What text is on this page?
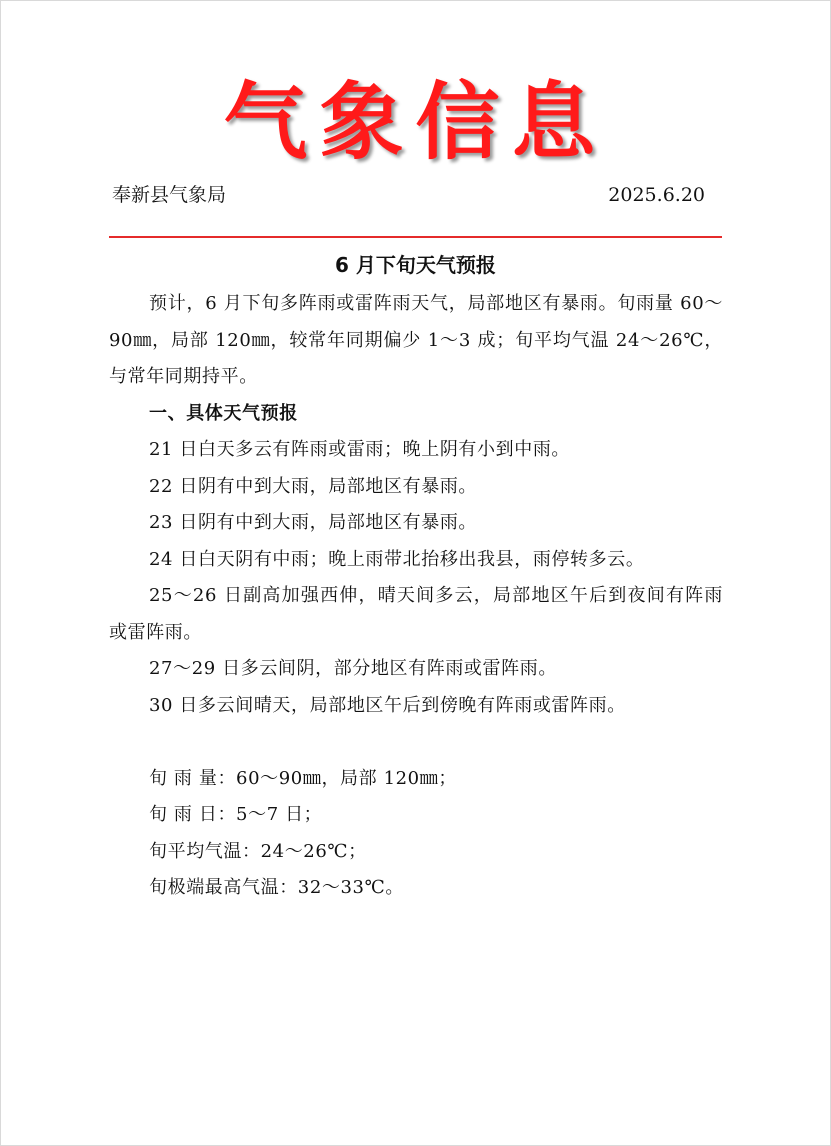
气象信息
奉新县气象局	2025.6.20
6 月下旬天气预报

预计，6 月下旬多阵雨或雷阵雨天气，局部地区有暴雨。旬雨量 60～90㎜，局部 120㎜，较常年同期偏少 1～3 成；旬平均气温 24～26℃，与常年同期持平。

一、具体天气预报

21 日白天多云有阵雨或雷雨；晚上阴有小到中雨。

22 日阴有中到大雨，局部地区有暴雨。

23 日阴有中到大雨，局部地区有暴雨。

24 日白天阴有中雨；晚上雨带北抬移出我县，雨停转多云。

25～26 日副高加强西伸，晴天间多云，局部地区午后到夜间有阵雨或雷阵雨。

27～29 日多云间阴，部分地区有阵雨或雷阵雨。

30 日多云间晴天，局部地区午后到傍晚有阵雨或雷阵雨。

旬 雨 量：60～90㎜，局部 120㎜；

旬 雨 日：5～7 日；

旬平均气温：24～26℃；

旬极端最高气温：32～33℃。
